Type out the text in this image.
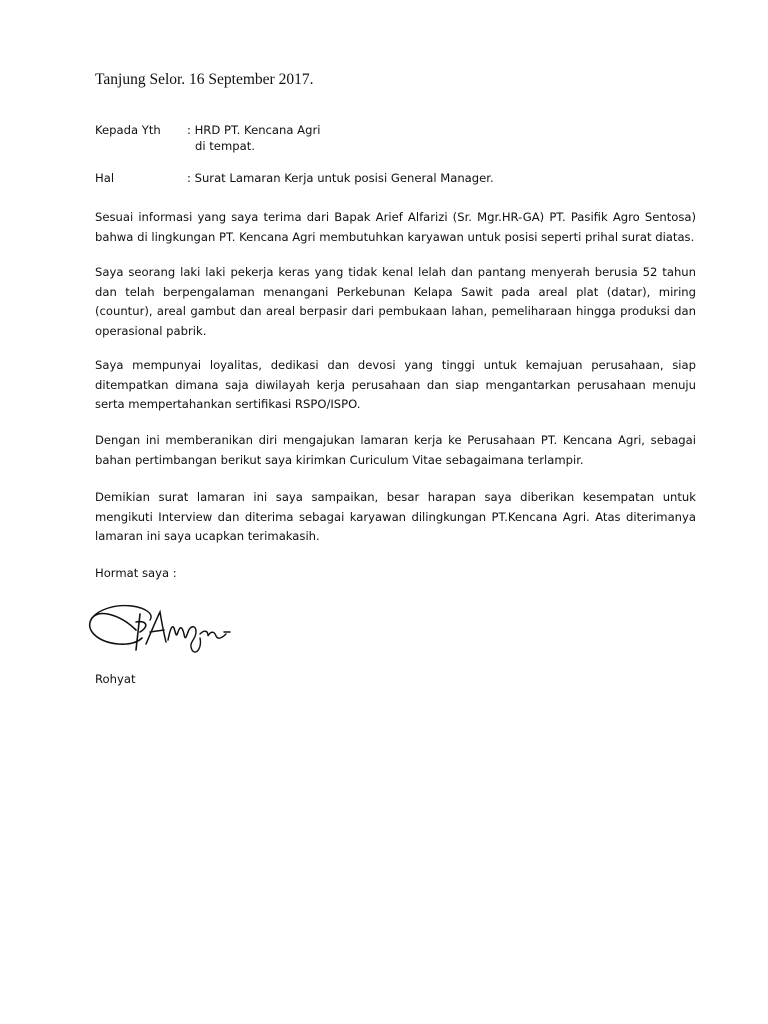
Tanjung Selor. 16 September 2017.
Kepada Yth : HRD PT. Kencana Agri
di tempat.
Hal	: Surat Lamaran Kerja untuk posisi General Manager.

Sesuai informasi yang saya terima dari Bapak Arief Alfarizi (Sr. Mgr.HR-GA) PT. Pasifik Agro Sentosa) bahwa di lingkungan PT. Kencana Agri membutuhkan karyawan untuk posisi seperti prihal surat diatas.

Saya seorang laki laki pekerja keras yang tidak kenal lelah dan pantang menyerah berusia 52 tahun dan telah berpengalaman menangani Perkebunan Kelapa Sawit pada areal plat (datar), miring (countur), areal gambut dan areal berpasir dari pembukaan lahan, pemeliharaan hingga produksi dan operasional pabrik.

Saya mempunyai loyalitas, dedikasi dan devosi yang tinggi untuk kemajuan perusahaan, siap ditempatkan dimana saja diwilayah kerja perusahaan dan siap mengantarkan perusahaan menuju serta mempertahankan sertifikasi RSPO/ISPO.

Dengan ini memberanikan diri mengajukan lamaran kerja ke Perusahaan PT. Kencana Agri, sebagai bahan pertimbangan berikut saya kirimkan Curiculum Vitae sebagaimana terlampir.

Demikian surat lamaran ini saya sampaikan, besar harapan saya diberikan kesempatan untuk mengikuti Interview dan diterima sebagai karyawan dilingkungan PT.Kencana Agri. Atas diterimanya lamaran ini saya ucapkan terimakasih.

Hormat saya :
Rohyat
